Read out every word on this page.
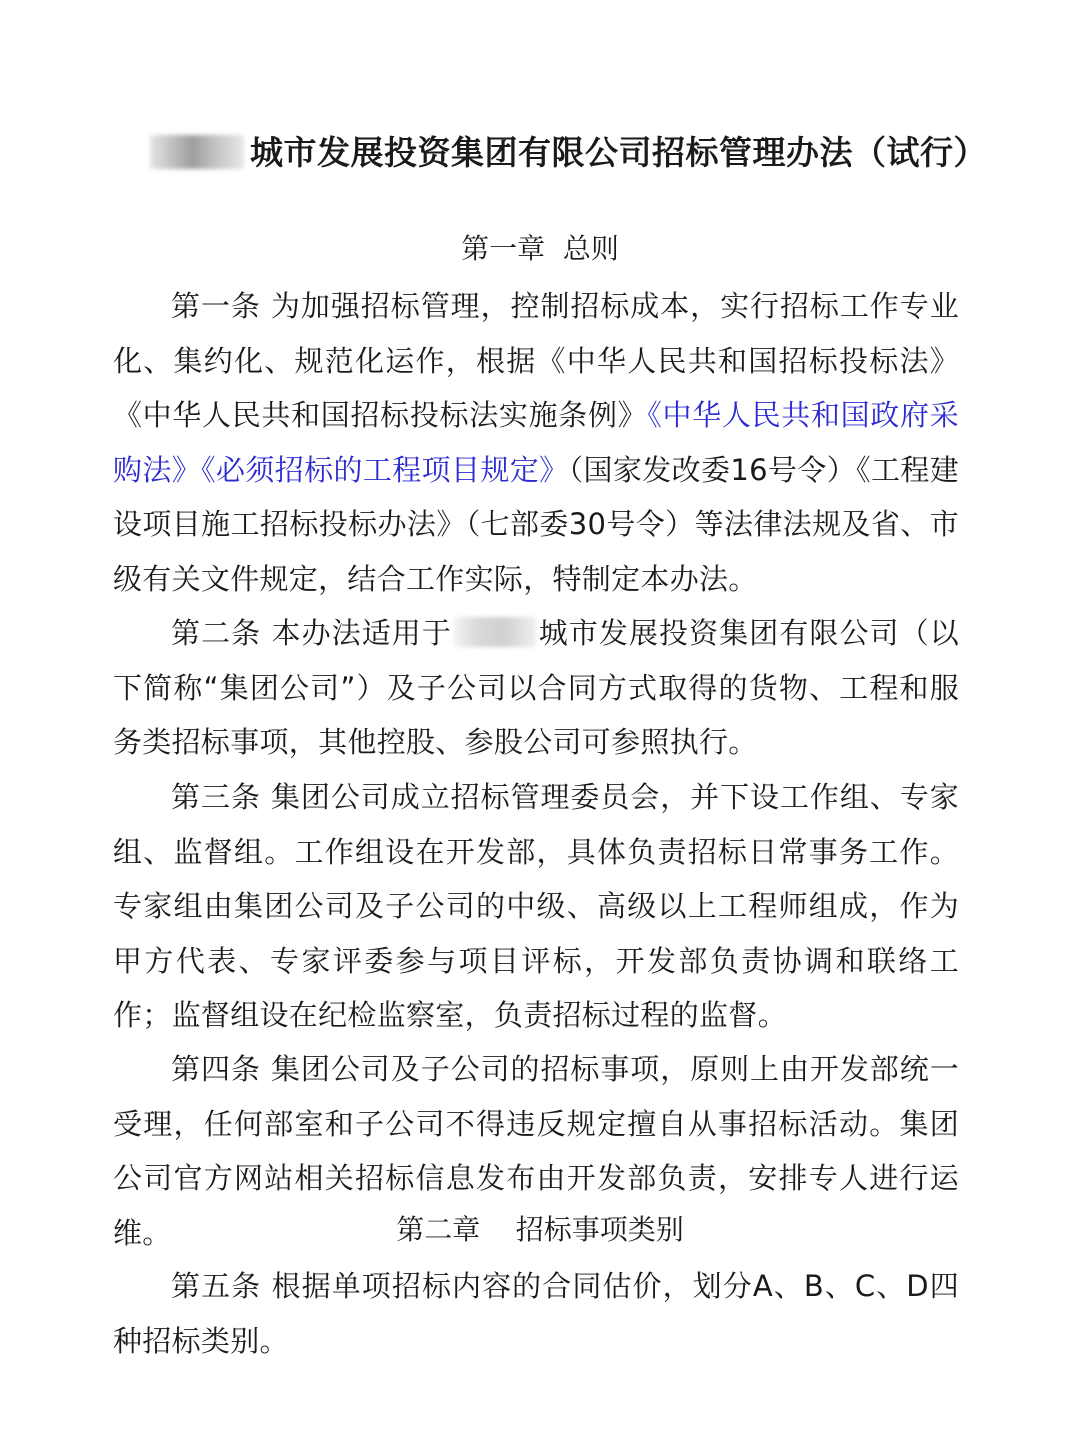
城市发展投资集团有限公司招标管理办法（试行）
第一章  总则
第一条 为加强招标管理，控制招标成本，实行招标工作专业化、集约化、规范化运作，根据《中华人民共和国招标投标法》《中华人民共和国招标投标法实施条例》《中华人民共和国政府采购法》《必须招标的工程项目规定》（国家发改委16号令）《工程建设项目施工招标投标办法》（七部委30号令）等法律法规及省、市级有关文件规定，结合工作实际，特制定本办法。
第二条 本办法适用于	城市发展投资集团有限公司（以下简称“集团公司”）及子公司以合同方式取得的货物、工程和服务类招标事项，其他控股、参股公司可参照执行。
第三条 集团公司成立招标管理委员会，并下设工作组、专家组、监督组。工作组设在开发部，具体负责招标日常事务工作。专家组由集团公司及子公司的中级、高级以上工程师组成，作为甲方代表、专家评委参与项目评标，开发部负责协调和联络工作；监督组设在纪检监察室，负责招标过程的监督。
第四条 集团公司及子公司的招标事项，原则上由开发部统一受理，任何部室和子公司不得违反规定擅自从事招标活动。集团公司官方网站相关招标信息发布由开发部负责，安排专人进行运维。	第二章    招标事项类别
第五条 根据单项招标内容的合同估价，划分A、B、C、D四种招标类别。
